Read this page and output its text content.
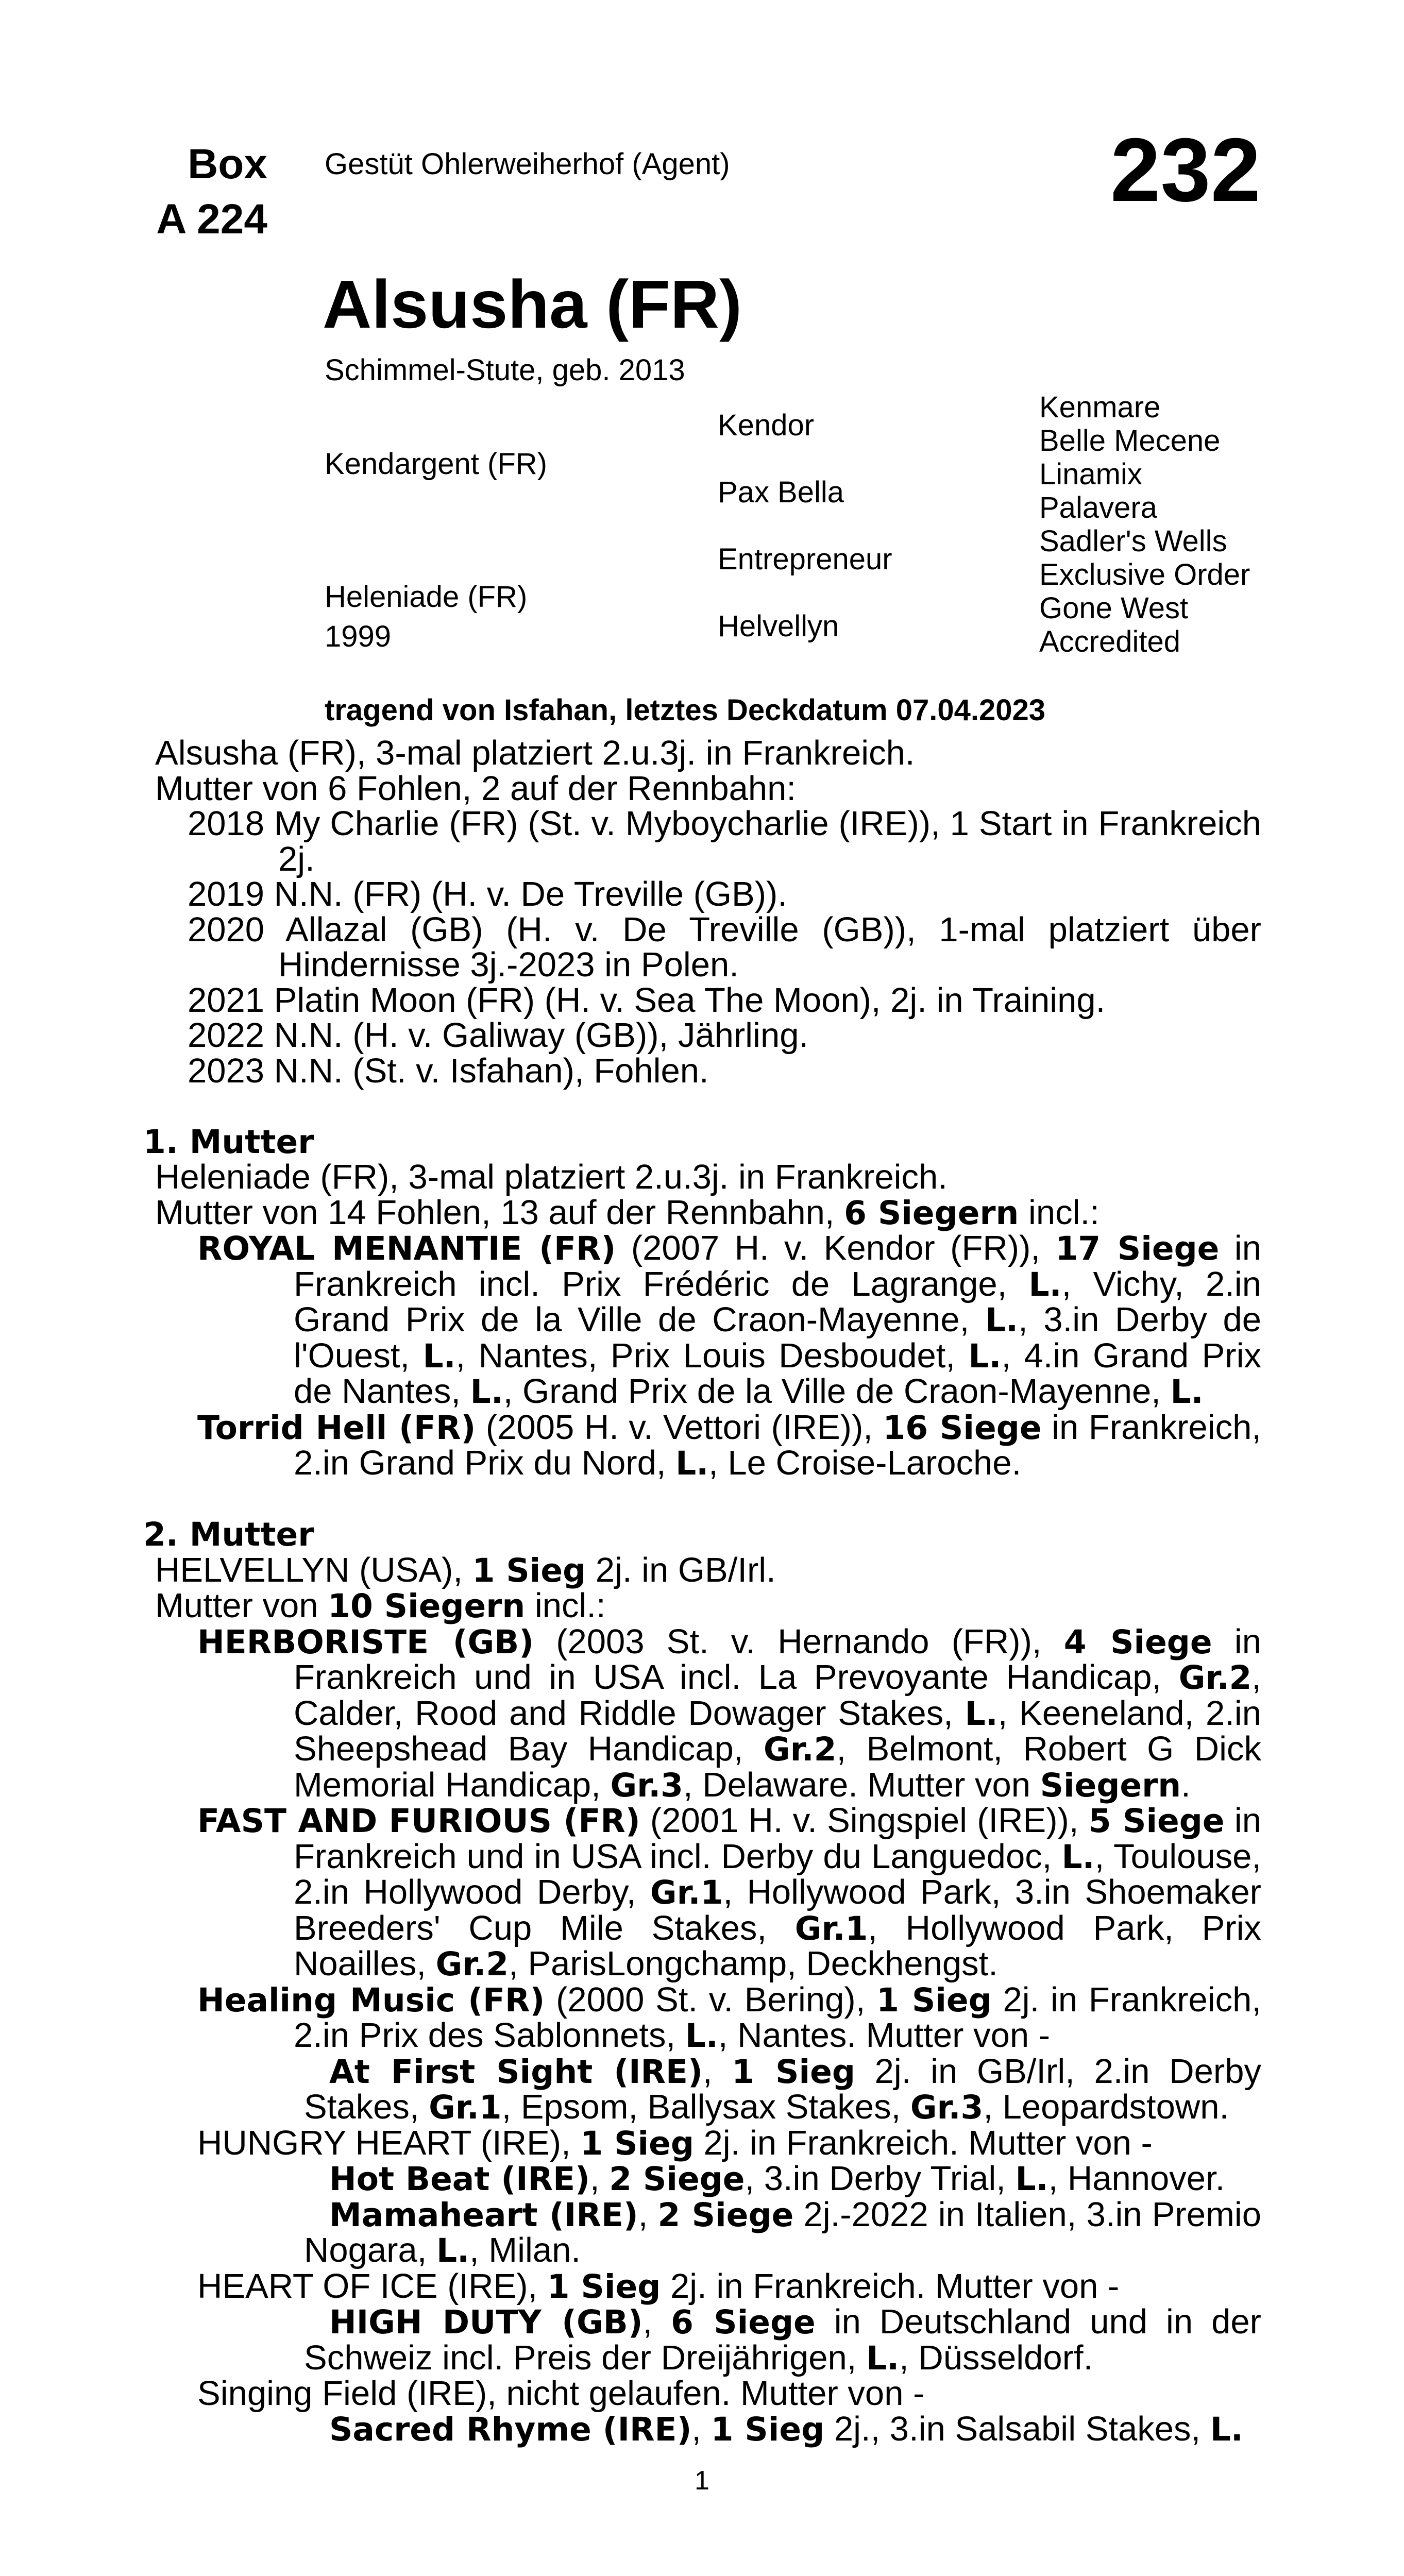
Box
A 224
Gestüt Ohlerweiherhof (Agent)	232
Alsusha (FR)
Schimmel-Stute, geb. 2013
Kendargent (FR)
Heleniade (FR)
1999
Kendor
Pax Bella
Entrepreneur
Helvellyn
Kenmare
Belle Mecene
Linamix
Palavera
Sadler's Wells
Exclusive Order
Gone West
Accredited
tragend von Isfahan, letztes Deckdatum 07.04.2023

Alsusha (FR), 3-mal platziert 2.u.3j. in Frankreich.

Mutter von 6 Fohlen, 2 auf der Rennbahn:

2018 My Charlie (FR) (St. v. Myboycharlie (IRE)), 1 Start in Frankreich 2j.

2019 N.N. (FR) (H. v. De Treville (GB)).

2020 Allazal (GB) (H. v. De Treville (GB)), 1-mal platziert über Hindernisse 3j.-2023 in Polen.

2021 Platin Moon (FR) (H. v. Sea The Moon), 2j. in Training.

2022 N.N. (H. v. Galiway (GB)), Jährling.

2023 N.N. (St. v. Isfahan), Fohlen.

1. Mutter

Heleniade (FR), 3-mal platziert 2.u.3j. in Frankreich.

Mutter von 14 Fohlen, 13 auf der Rennbahn, 6 Siegern incl.:

ROYAL MENANTIE (FR) (2007 H. v. Kendor (FR)), 17 Siege in Frankreich incl. Prix Frédéric de Lagrange, L., Vichy, 2.in Grand Prix de la Ville de Craon-Mayenne, L., 3.in Derby de l'Ouest, L., Nantes, Prix Louis Desboudet, L., 4.in Grand Prix de Nantes, L., Grand Prix de la Ville de Craon-Mayenne, L.

Torrid Hell (FR) (2005 H. v. Vettori (IRE)), 16 Siege in Frankreich, 2.in Grand Prix du Nord, L., Le Croise-Laroche.

2. Mutter

HELVELLYN (USA), 1 Sieg 2j. in GB/Irl.

Mutter von 10 Siegern incl.:

HERBORISTE (GB) (2003 St. v. Hernando (FR)), 4 Siege in Frankreich und in USA incl. La Prevoyante Handicap, Gr.2, Calder, Rood and Riddle Dowager Stakes, L., Keeneland, 2.in Sheepshead Bay Handicap, Gr.2, Belmont, Robert G Dick Memorial Handicap, Gr.3, Delaware. Mutter von Siegern.

FAST AND FURIOUS (FR) (2001 H. v. Singspiel (IRE)), 5 Siege in Frankreich und in USA incl. Derby du Languedoc, L., Toulouse, 2.in Hollywood Derby, Gr.1, Hollywood Park, 3.in Shoemaker Breeders' Cup Mile Stakes, Gr.1, Hollywood Park, Prix Noailles, Gr.2, ParisLongchamp, Deckhengst.

Healing Music (FR) (2000 St. v. Bering), 1 Sieg 2j. in Frankreich, 2.in Prix des Sablonnets, L., Nantes. Mutter von -

At First Sight (IRE), 1 Sieg 2j. in GB/Irl, 2.in Derby Stakes, Gr.1, Epsom, Ballysax Stakes, Gr.3, Leopardstown.

HUNGRY HEART (IRE), 1 Sieg 2j. in Frankreich. Mutter von -

Hot Beat (IRE), 2 Siege, 3.in Derby Trial, L., Hannover.

Mamaheart (IRE), 2 Siege 2j.-2022 in Italien, 3.in Premio Nogara, L., Milan.

HEART OF ICE (IRE), 1 Sieg 2j. in Frankreich. Mutter von -

HIGH DUTY (GB), 6 Siege in Deutschland und in der Schweiz incl. Preis der Dreijährigen, L., Düsseldorf.

Singing Field (IRE), nicht gelaufen. Mutter von -

Sacred Rhyme (IRE), 1 Sieg 2j., 3.in Salsabil Stakes, L.

1
